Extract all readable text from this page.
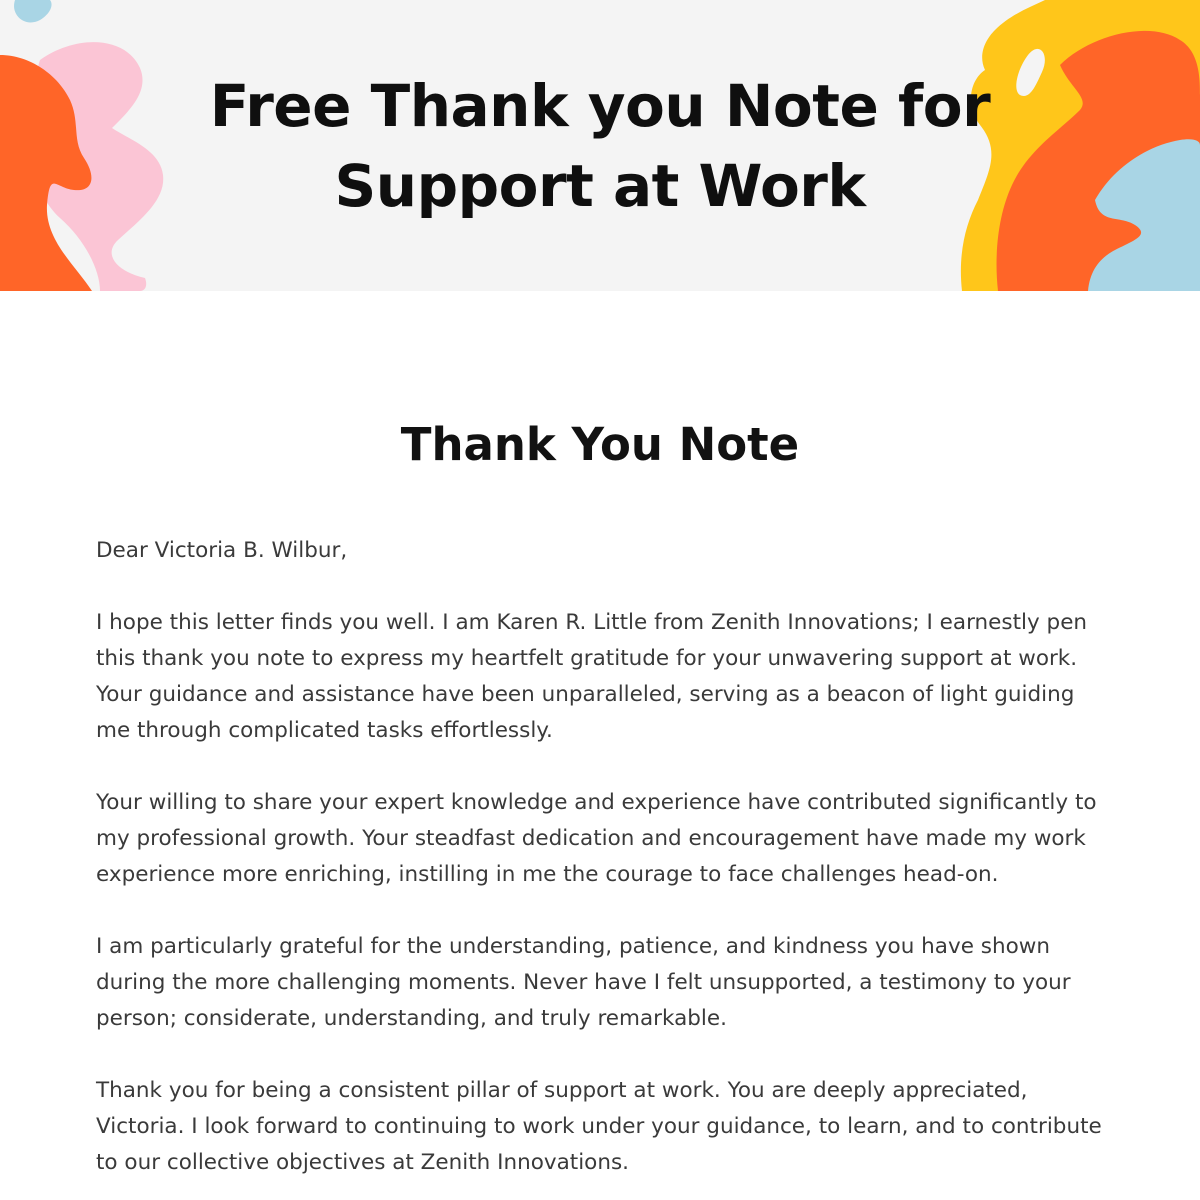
Free Thank you Note for
Support at Work
Thank You Note

Dear Victoria B. Wilbur,

I hope this letter finds you well. I am Karen R. Little from Zenith Innovations; I earnestly pen this thank you note to express my heartfelt gratitude for your unwavering support at work. Your guidance and assistance have been unparalleled, serving as a beacon of light guiding me through complicated tasks effortlessly.

Your willing to share your expert knowledge and experience have contributed significantly to my professional growth. Your steadfast dedication and encouragement have made my work experience more enriching, instilling in me the courage to face challenges head-on.

I am particularly grateful for the understanding, patience, and kindness you have shown during the more challenging moments. Never have I felt unsupported, a testimony to your person; considerate, understanding, and truly remarkable.

Thank you for being a consistent pillar of support at work. You are deeply appreciated, Victoria. I look forward to continuing to work under your guidance, to learn, and to contribute to our collective objectives at Zenith Innovations.
